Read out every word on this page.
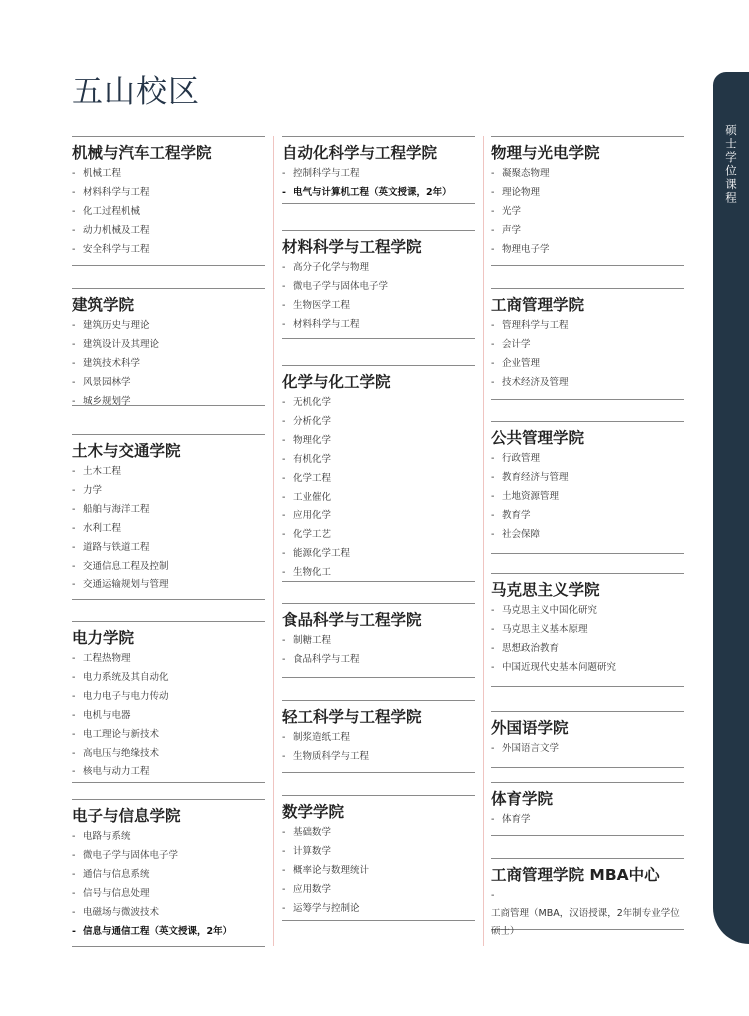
五山校区
硕士学位课程
机械与汽车工程学院
- 机械工程
- 材料科学与工程
- 化工过程机械
- 动力机械及工程
- 安全科学与工程
建筑学院
- 建筑历史与理论
- 建筑设计及其理论
- 建筑技术科学
- 风景园林学
- 城乡规划学
土木与交通学院
- 土木工程
- 力学
- 船舶与海洋工程
- 水利工程
- 道路与铁道工程
- 交通信息工程及控制
- 交通运输规划与管理
电力学院
- 工程热物理
- 电力系统及其自动化
- 电力电子与电力传动
- 电机与电器
- 电工理论与新技术
- 高电压与绝缘技术
- 核电与动力工程
电子与信息学院
- 电路与系统
- 微电子学与固体电子学
- 通信与信息系统
- 信号与信息处理
- 电磁场与微波技术
- 信息与通信工程（英文授课，2年）
自动化科学与工程学院
- 控制科学与工程
- 电气与计算机工程（英文授课，2年）
材料科学与工程学院
- 高分子化学与物理
- 微电子学与固体电子学
- 生物医学工程
- 材料科学与工程
化学与化工学院
- 无机化学
- 分析化学
- 物理化学
- 有机化学
- 化学工程
- 工业催化
- 应用化学
- 化学工艺
- 能源化学工程
- 生物化工
食品科学与工程学院
- 制糖工程
- 食品科学与工程
轻工科学与工程学院
- 制浆造纸工程
- 生物质科学与工程
数学学院
- 基础数学
- 计算数学
- 概率论与数理统计
- 应用数学
- 运筹学与控制论
物理与光电学院
- 凝聚态物理
- 理论物理
- 光学
- 声学
- 物理电子学
工商管理学院
- 管理科学与工程
- 会计学
- 企业管理
- 技术经济及管理
公共管理学院
- 行政管理
- 教育经济与管理
- 土地资源管理
- 教育学
- 社会保障
马克思主义学院
- 马克思主义中国化研究
- 马克思主义基本原理
- 思想政治教育
- 中国近现代史基本问题研究
外国语学院
- 外国语言文学
体育学院
- 体育学
工商管理学院 MBA中心
-工商管理（MBA，汉语授课，2年制专业学位硕士）
